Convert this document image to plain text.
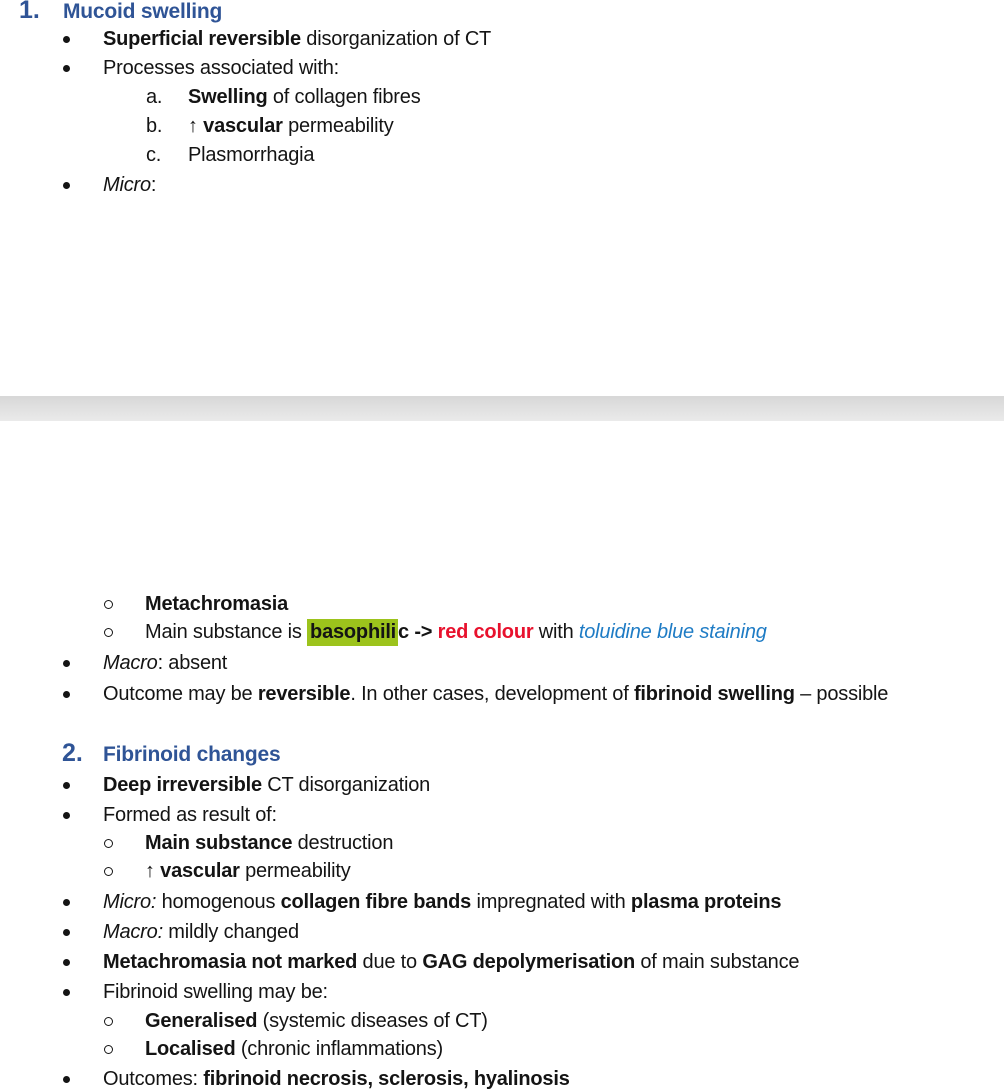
1. Mucoid swelling
Superficial reversible disorganization of CT
Processes associated with:
a. Swelling of collagen fibres
b. ↑ vascular permeability
c. Plasmorrhagia
Micro:
Metachromasia
Main substance is basophili c -> red colour with toluidine blue staining
Macro: absent
Outcome may be reversible. In other cases, development of fibrinoid swelling – possible
2. Fibrinoid changes
Deep irreversible CT disorganization
Formed as result of:
Main substance destruction
↑ vascular permeability
Micro: homogenous collagen fibre bands impregnated with plasma proteins
Macro: mildly changed
Metachromasia not marked due to GAG depolymerisation of main substance
Fibrinoid swelling may be:
Generalised (systemic diseases of CT)
Localised (chronic inflammations)
Outcomes: fibrinoid necrosis, sclerosis, hyalinosis
